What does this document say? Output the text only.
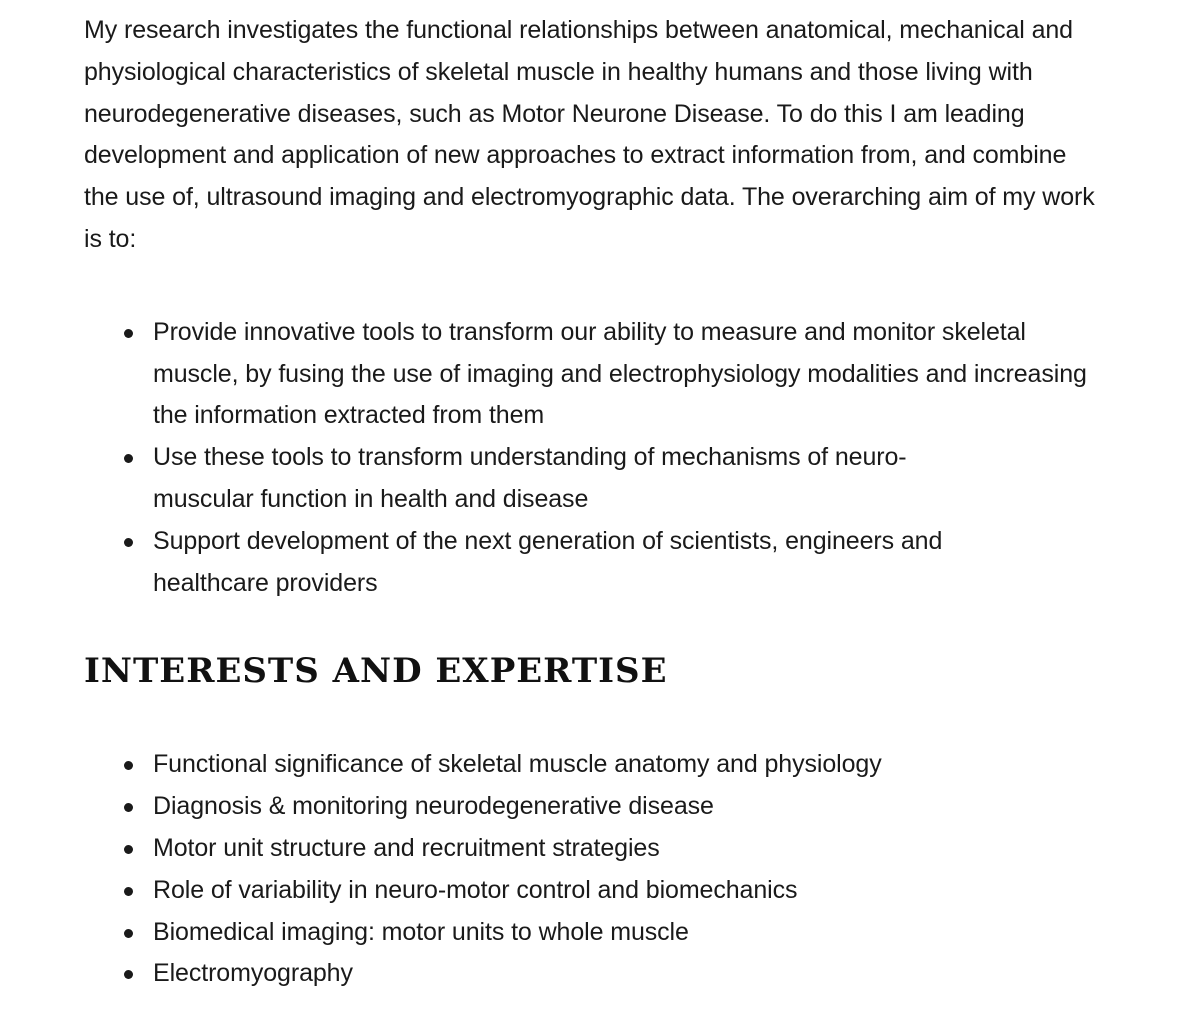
My research investigates the functional relationships between anatomical, mechanical and
physiological characteristics of skeletal muscle in healthy humans and those living with
neurodegenerative diseases, such as Motor Neurone Disease. To do this I am leading
development and application of new approaches to extract information from, and combine
the use of, ultrasound imaging and electromyographic data. The overarching aim of my work
is to:

Provide innovative tools to transform our ability to measure and monitor skeletal
muscle, by fusing the use of imaging and electrophysiology modalities and increasing
the information extracted from them
Use these tools to transform understanding of mechanisms of neuro-
muscular function in health and disease
Support development of the next generation of scientists, engineers and
healthcare providers
INTERESTS AND EXPERTISE
Functional significance of skeletal muscle anatomy and physiology
Diagnosis & monitoring neurodegenerative disease
Motor unit structure and recruitment strategies
Role of variability in neuro-motor control and biomechanics
Biomedical imaging: motor units to whole muscle
Electromyography
